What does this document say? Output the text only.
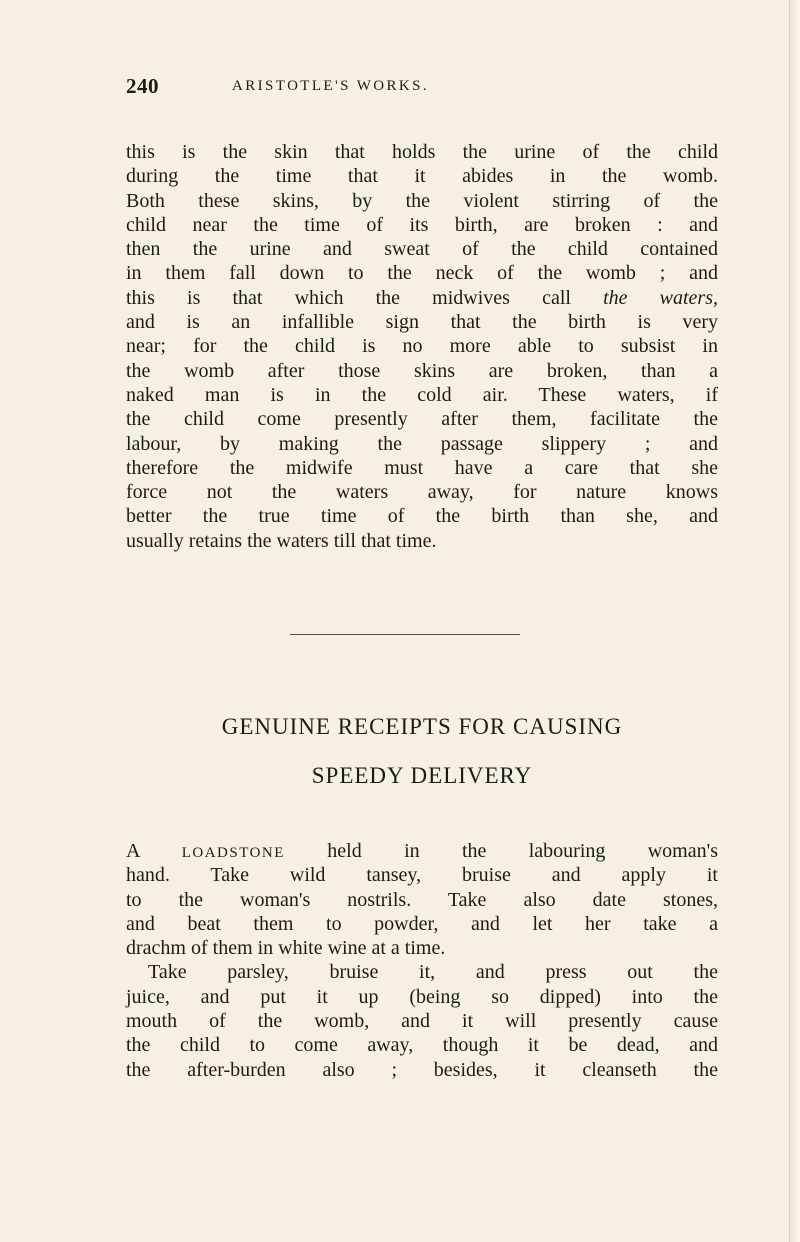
240	ARISTOTLE'S WORKS.
this is the skin that holds the urine of the child
during the time that it abides in the womb.
Both these skins, by the violent stirring of the
child near the time of its birth, are broken : and
then the urine and sweat of the child contained
in them fall down to the neck of the womb ; and
this is that which the midwives call the waters,
and is an infallible sign that the birth is very
near; for the child is no more able to subsist in
the womb after those skins are broken, than a
naked man is in the cold air. These waters, if
the child come presently after them, facilitate the
labour, by making the passage slippery ; and
therefore the midwife must have a care that she
force not the waters away, for nature knows
better the true time of the birth than she, and
usually retains the waters till that time.
GENUINE RECEIPTS FOR CAUSING
SPEEDY DELIVERY
A	LOADSTONE held in the labouring woman's
hand. Take wild tansey, bruise and apply it
to the woman's nostrils. Take also date stones,
and beat them to powder, and let her take a
drachm of them in white wine at a time.
Take parsley, bruise it, and press out the
juice, and put it up (being so dipped) into the
mouth of the womb, and it will presently cause
the child to come away, though it be dead, and
the after-burden also ; besides, it cleanseth the
